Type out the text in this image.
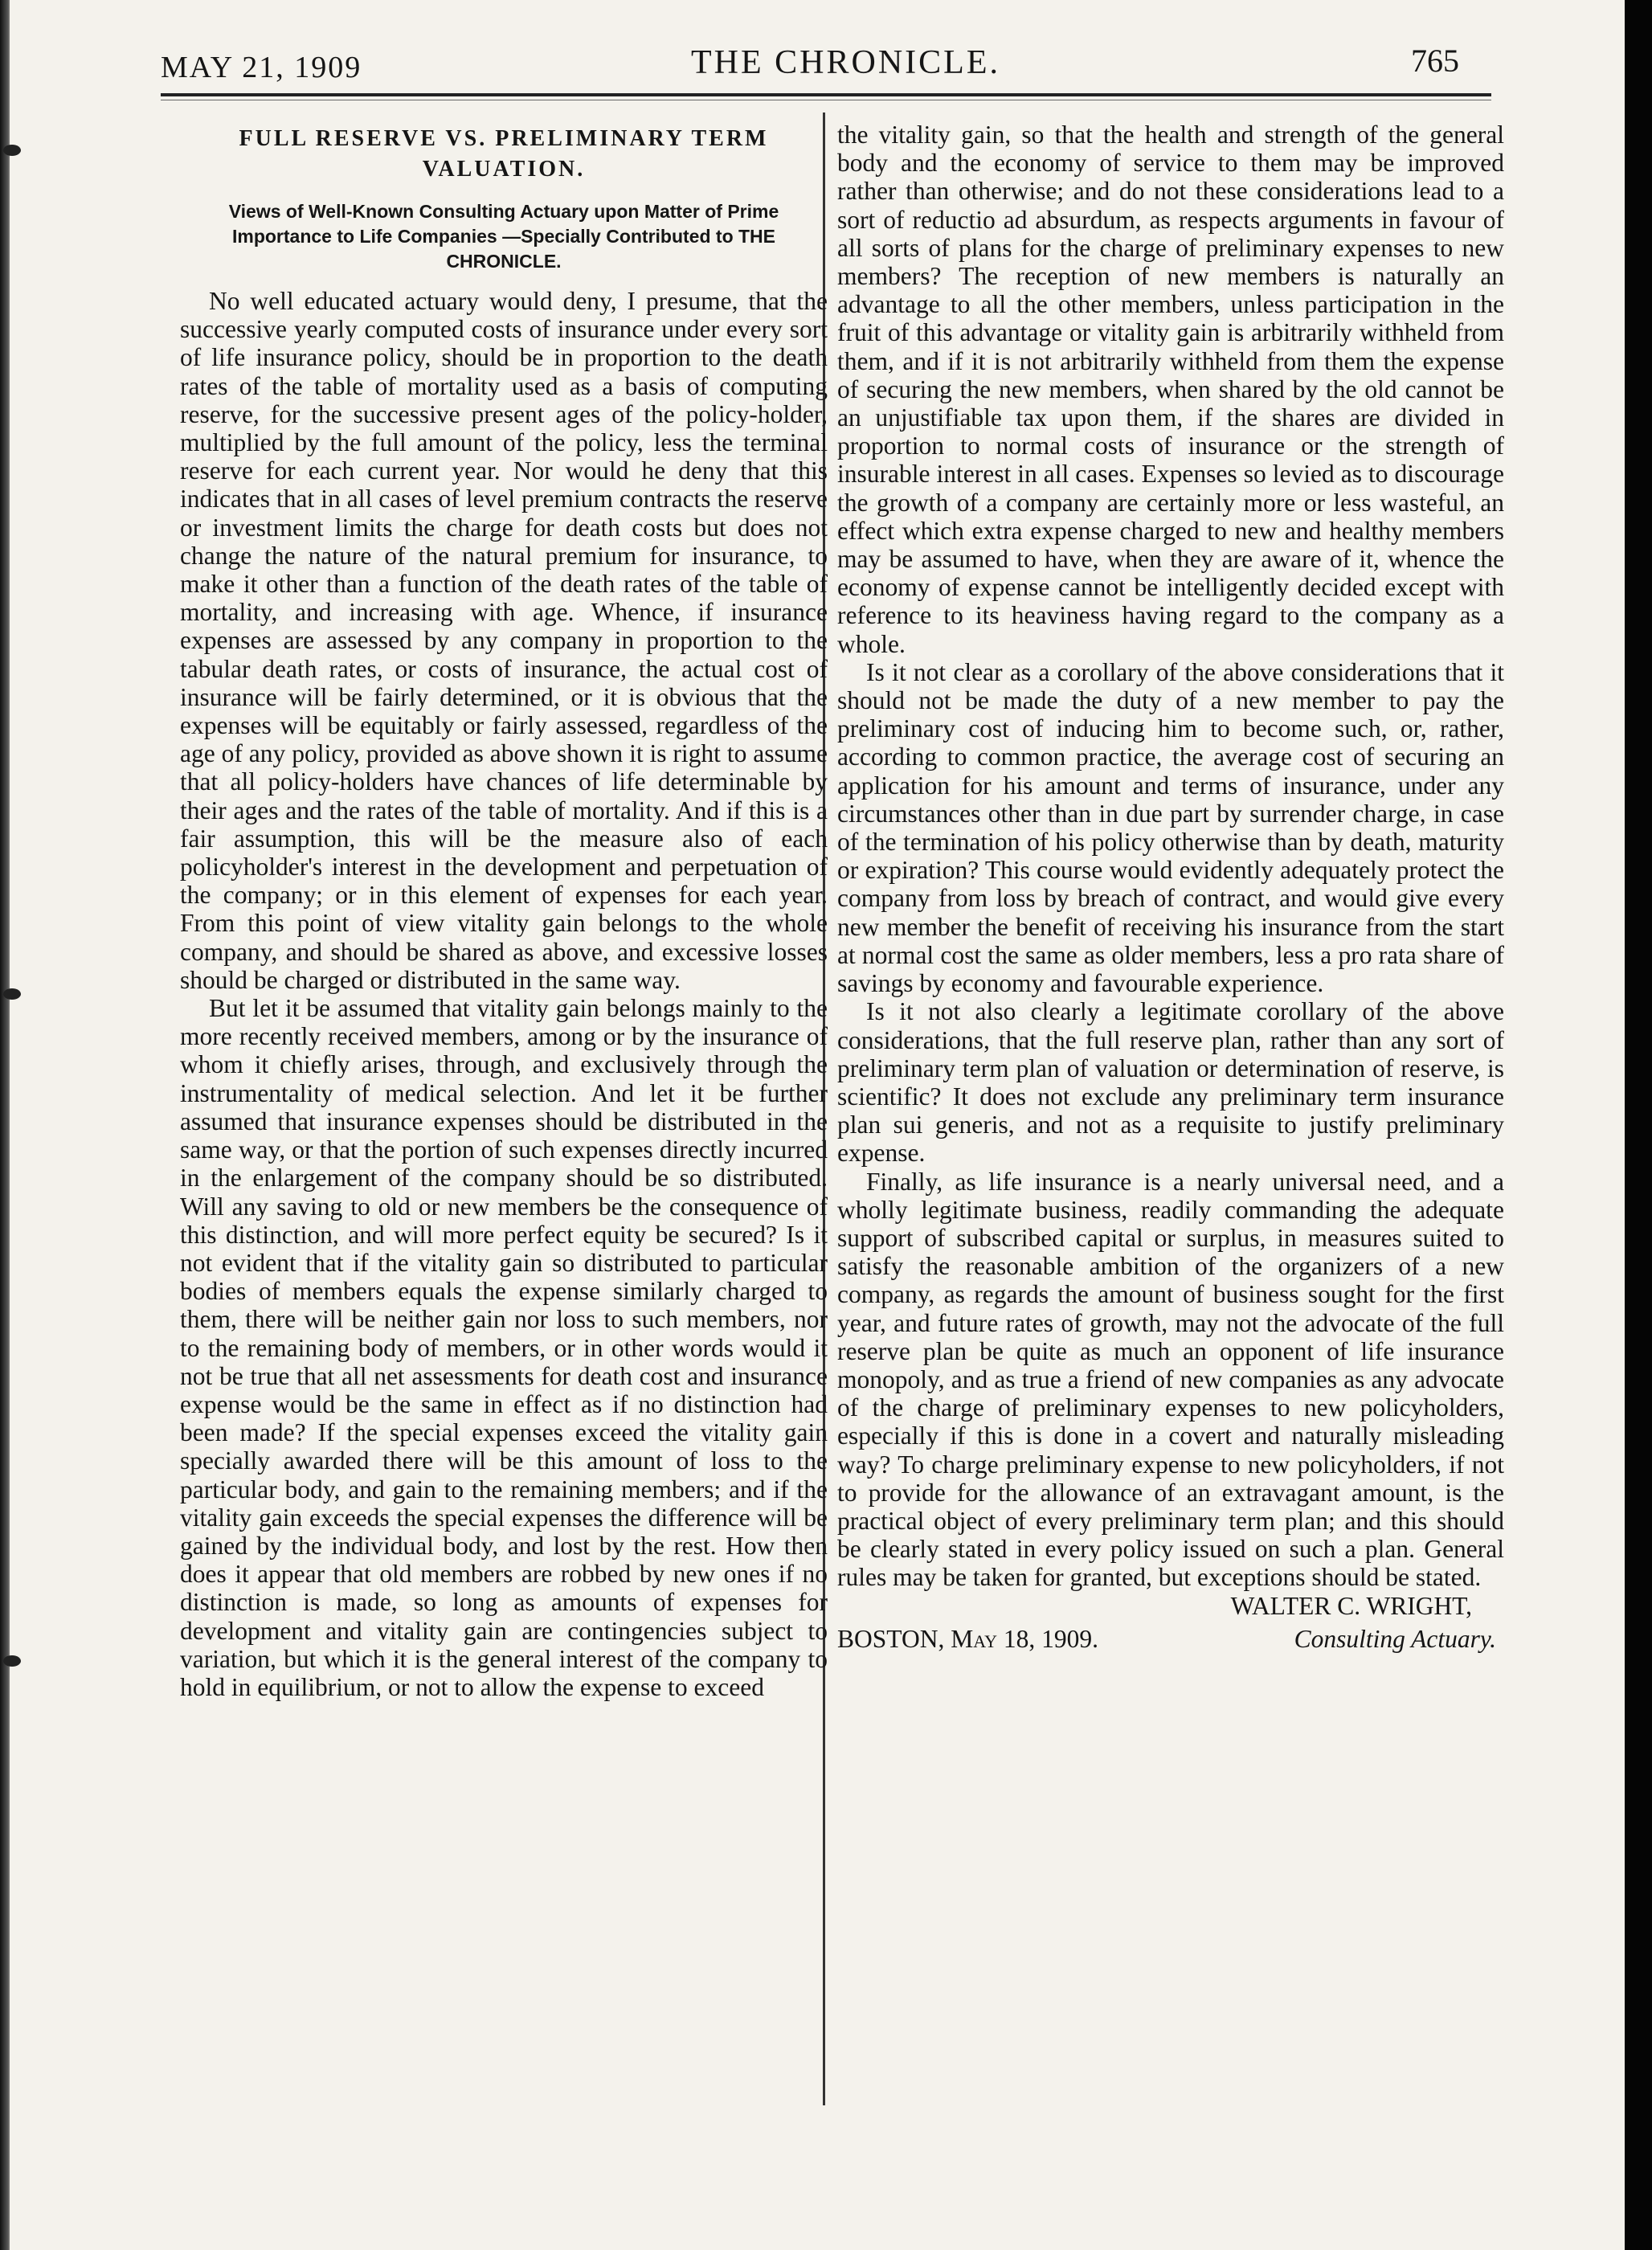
MAY 21, 1909	THE CHRONICLE.	765
FULL RESERVE VS. PRELIMINARY TERM VALUATION.
Views of Well-Known Consulting Actuary upon Matter of Prime Importance to Life Companies —Specially Contributed to THE CHRONICLE.

No well educated actuary would deny, I presume, that the successive yearly computed costs of insurance under every sort of life insurance policy, should be in proportion to the death rates of the table of mortality used as a basis of computing reserve, for the successive present ages of the policy-holder, multiplied by the full amount of the policy, less the terminal reserve for each current year. Nor would he deny that this indicates that in all cases of level premium contracts the reserve or investment limits the charge for death costs but does not change the nature of the natural premium for insurance, to make it other than a function of the death rates of the table of mortality, and increasing with age. Whence, if insurance expenses are assessed by any company in proportion to the tabular death rates, or costs of insurance, the actual cost of insurance will be fairly determined, or it is obvious that the expenses will be equitably or fairly assessed, regardless of the age of any policy, provided as above shown it is right to assume that all policy-holders have chances of life determinable by their ages and the rates of the table of mortality. And if this is a fair assumption, this will be the measure also of each policyholder's interest in the development and perpetuation of the company; or in this element of expenses for each year. From this point of view vitality gain belongs to the whole company, and should be shared as above, and excessive losses should be charged or distributed in the same way.

But let it be assumed that vitality gain belongs mainly to the more recently received members, among or by the insurance of whom it chiefly arises, through, and exclusively through the instrumentality of medical selection. And let it be further assumed that insurance expenses should be distributed in the same way, or that the portion of such expenses directly incurred in the enlargement of the company should be so distributed. Will any saving to old or new members be the consequence of this distinction, and will more perfect equity be secured? Is it not evident that if the vitality gain so distributed to particular bodies of members equals the expense similarly charged to them, there will be neither gain nor loss to such members, nor to the remaining body of members, or in other words would it not be true that all net assessments for death cost and insurance expense would be the same in effect as if no distinction had been made? If the special expenses exceed the vitality gain specially awarded there will be this amount of loss to the particular body, and gain to the remaining members; and if the vitality gain exceeds the special expenses the difference will be gained by the individual body, and lost by the rest. How then does it appear that old members are robbed by new ones if no distinction is made, so long as amounts of expenses for development and vitality gain are contingencies subject to variation, but which it is the general interest of the company to hold in equilibrium, or not to allow the expense to exceed

the vitality gain, so that the health and strength of the general body and the economy of service to them may be improved rather than otherwise; and do not these considerations lead to a sort of reductio ad absurdum, as respects arguments in favour of all sorts of plans for the charge of preliminary expenses to new members? The reception of new members is naturally an advantage to all the other members, unless participation in the fruit of this advantage or vitality gain is arbitrarily withheld from them, and if it is not arbitrarily withheld from them the expense of securing the new members, when shared by the old cannot be an unjustifiable tax upon them, if the shares are divided in proportion to normal costs of insurance or the strength of insurable interest in all cases. Expenses so levied as to discourage the growth of a company are certainly more or less wasteful, an effect which extra expense charged to new and healthy members may be assumed to have, when they are aware of it, whence the economy of expense cannot be intelligently decided except with reference to its heaviness having regard to the company as a whole.

Is it not clear as a corollary of the above considerations that it should not be made the duty of a new member to pay the preliminary cost of inducing him to become such, or, rather, according to common practice, the average cost of securing an application for his amount and terms of insurance, under any circumstances other than in due part by surrender charge, in case of the termination of his policy otherwise than by death, maturity or expiration? This course would evidently adequately protect the company from loss by breach of contract, and would give every new member the benefit of receiving his insurance from the start at normal cost the same as older members, less a pro rata share of savings by economy and favourable experience.

Is it not also clearly a legitimate corollary of the above considerations, that the full reserve plan, rather than any sort of preliminary term plan of valuation or determination of reserve, is scientific? It does not exclude any preliminary term insurance plan sui generis, and not as a requisite to justify preliminary expense.

Finally, as life insurance is a nearly universal need, and a wholly legitimate business, readily commanding the adequate support of subscribed capital or surplus, in measures suited to satisfy the reasonable ambition of the organizers of a new company, as regards the amount of business sought for the first year, and future rates of growth, may not the advocate of the full reserve plan be quite as much an opponent of life insurance monopoly, and as true a friend of new companies as any advocate of the charge of preliminary expenses to new policyholders, especially if this is done in a covert and naturally misleading way? To charge preliminary expense to new policyholders, if not to provide for the allowance of an extravagant amount, is the practical object of every preliminary term plan; and this should be clearly stated in every policy issued on such a plan. General rules may be taken for granted, but exceptions should be stated.

WALTER C. WRIGHT,

BOSTON, May 18, 1909.	Consulting Actuary.
